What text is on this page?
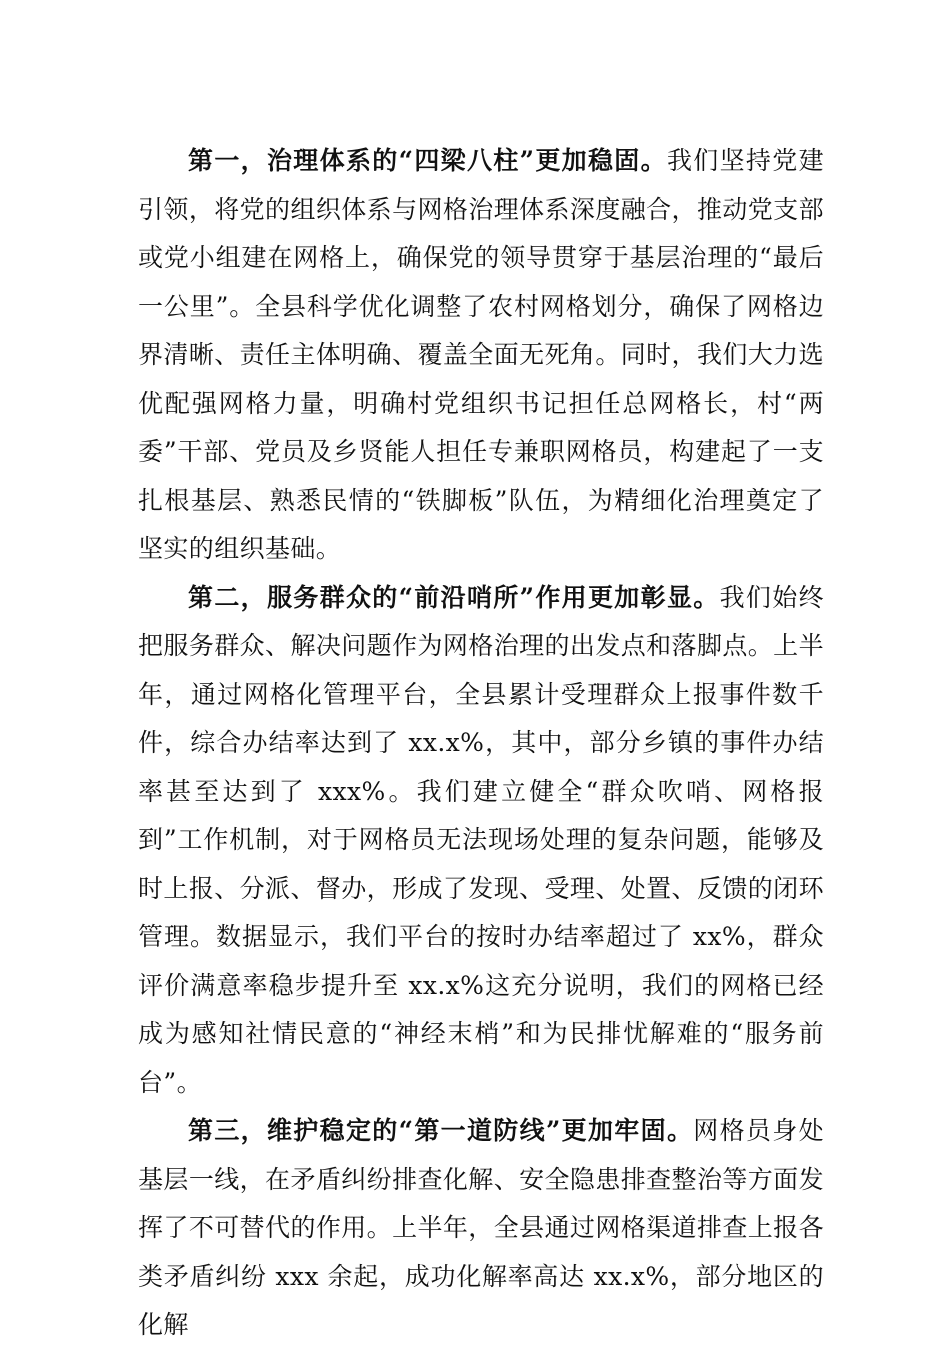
第一，治理体系的“四梁八柱”更加稳固。我们坚持党建引领，将党的组织体系与网格治理体系深度融合，推动党支部或党小组建在网格上，确保党的领导贯穿于基层治理的“最后一公里”。全县科学优化调整了农村网格划分，确保了网格边界清晰、责任主体明确、覆盖全面无死角。同时，我们大力选优配强网格力量，明确村党组织书记担任总网格长，村“两委”干部、党员及乡贤能人担任专兼职网格员，构建起了一支扎根基层、熟悉民情的“铁脚板”队伍，为精细化治理奠定了坚实的组织基础。

第二，服务群众的“前沿哨所”作用更加彰显。我们始终把服务群众、解决问题作为网格治理的出发点和落脚点。上半年，通过网格化管理平台，全县累计受理群众上报事件数千件，综合办结率达到了 xx.x%，其中，部分乡镇的事件办结率甚至达到了 xxx%。我们建立健全“群众吹哨、网格报到”工作机制，对于网格员无法现场处理的复杂问题，能够及时上报、分派、督办，形成了发现、受理、处置、反馈的闭环管理。数据显示，我们平台的按时办结率超过了 xx%，群众评价满意率稳步提升至 xx.x%这充分说明，我们的网格已经成为感知社情民意的“神经末梢”和为民排忧解难的“服务前台”。

第三，维护稳定的“第一道防线”更加牢固。网格员身处基层一线，在矛盾纠纷排查化解、安全隐患排查整治等方面发挥了不可替代的作用。上半年，全县通过网格渠道排查上报各类矛盾纠纷 xxx 余起，成功化解率高达 xx.x%，部分地区的化解
